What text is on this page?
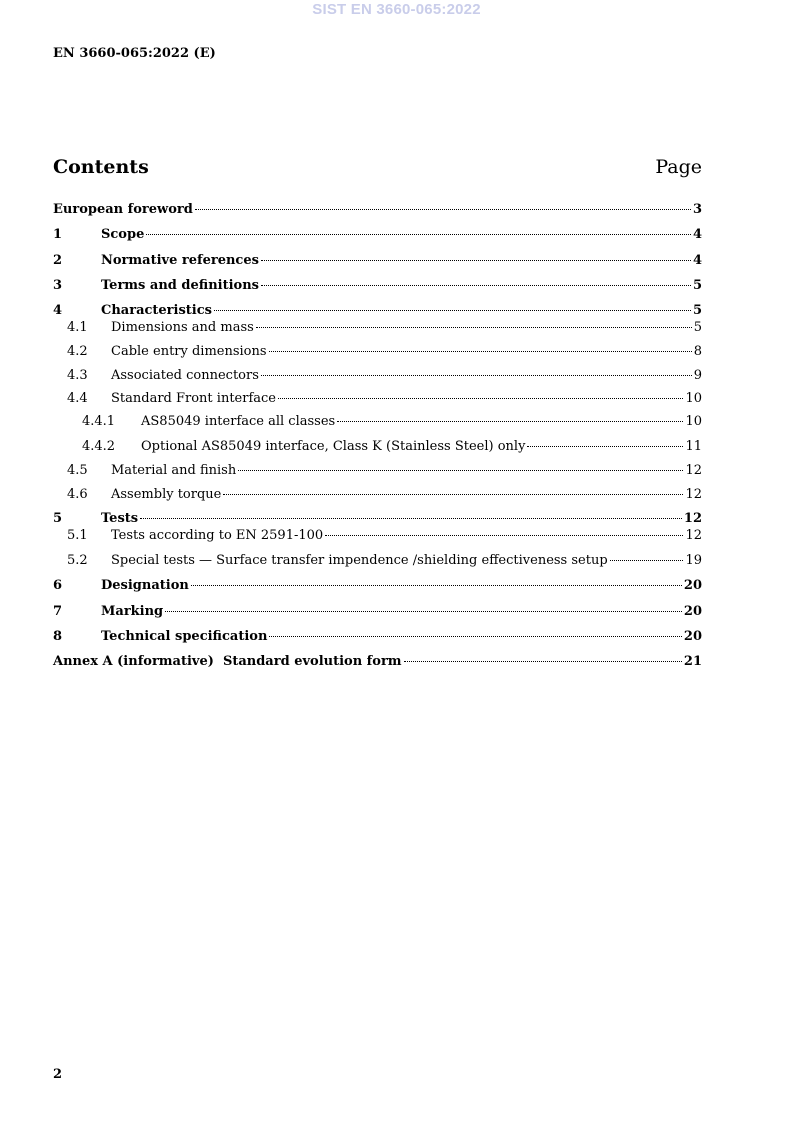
SIST EN 3660-065:2022
EN 3660-065:2022 (E)
Contents	Page
European foreword	3
1	Scope	4
2	Normative references	4
3	Terms and definitions	5
4	Characteristics	5
4.1	Dimensions and mass	5
4.2	Cable entry dimensions	8
4.3	Associated connectors	9
4.4	Standard Front interface	10
4.4.1	AS85049 interface all classes	10
4.4.2	Optional AS85049 interface, Class K (Stainless Steel) only	11
4.5	Material and finish	12
4.6	Assembly torque	12
5	Tests	12
5.1	Tests according to EN 2591-100	12
5.2	Special tests — Surface transfer impendence /shielding effectiveness setup	19
6	Designation	20
7	Marking	20
8	Technical specification	20
Annex A (informative)  Standard evolution form	21
2
